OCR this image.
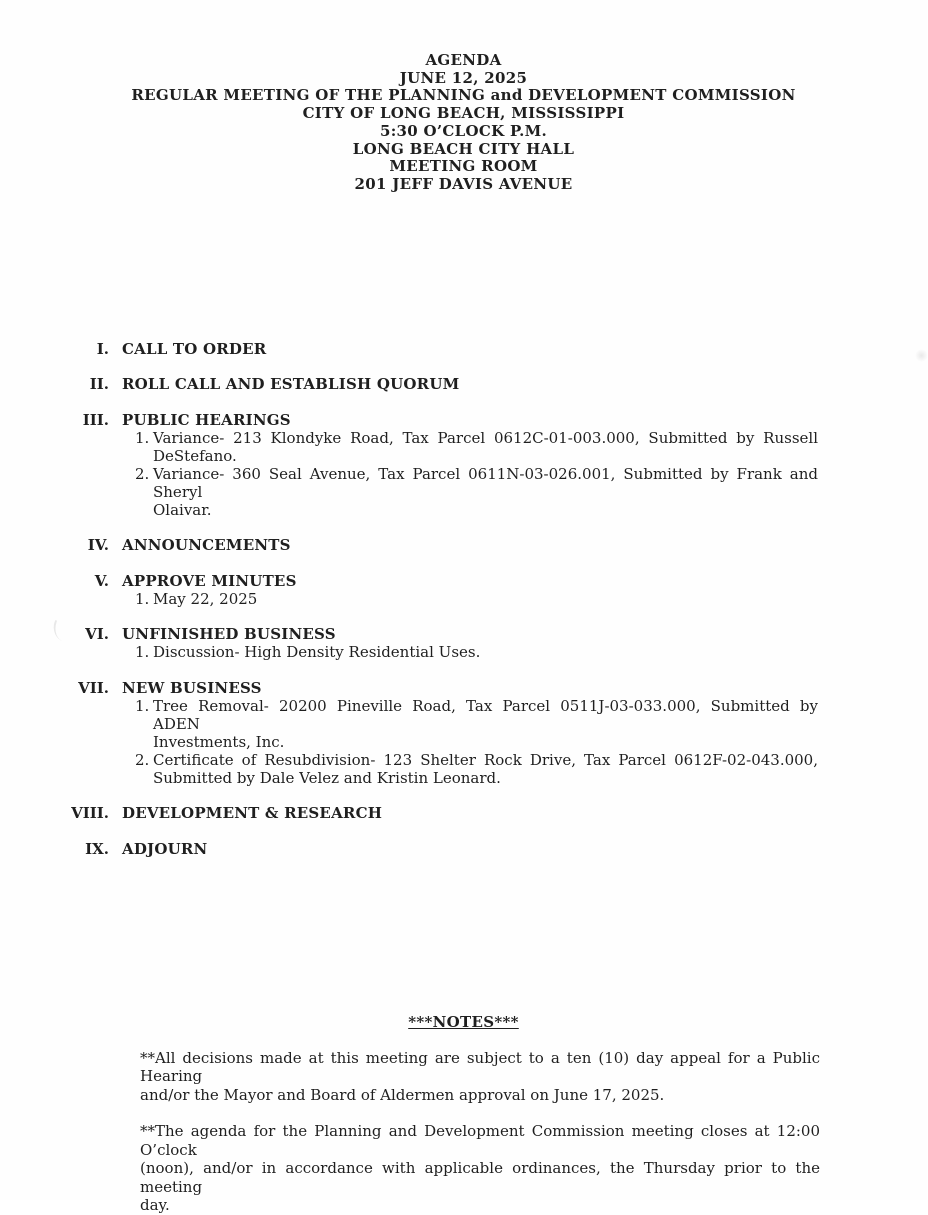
AGENDA
JUNE 12, 2025
REGULAR MEETING OF THE PLANNING and DEVELOPMENT COMMISSION
CITY OF LONG BEACH, MISSISSIPPI
5:30 O’CLOCK P.M.
LONG BEACH CITY HALL
MEETING ROOM
201 JEFF DAVIS AVENUE
I. CALL TO ORDER
II. ROLL CALL AND ESTABLISH QUORUM
III. PUBLIC HEARINGS
1. Variance- 213 Klondyke Road, Tax Parcel 0612C-01-003.000, Submitted by Russell
DeStefano.
2. Variance- 360 Seal Avenue, Tax Parcel 0611N-03-026.001, Submitted by Frank and Sheryl
Olaivar.
IV. ANNOUNCEMENTS
V. APPROVE MINUTES
1. May 22, 2025
VI. UNFINISHED BUSINESS
1. Discussion- High Density Residential Uses.
VII. NEW BUSINESS
1. Tree Removal- 20200 Pineville Road, Tax Parcel 0511J-03-033.000, Submitted by ADEN
Investments, Inc.
2. Certificate of Resubdivision- 123 Shelter Rock Drive, Tax Parcel 0612F-02-043.000,
Submitted by Dale Velez and Kristin Leonard.
VIII. DEVELOPMENT & RESEARCH
IX. ADJOURN
***NOTES***
**All decisions made at this meeting are subject to a ten (10) day appeal for a Public Hearing
and/or the Mayor and Board of Aldermen approval on June 17, 2025.
**The agenda for the Planning and Development Commission meeting closes at 12:00 O’clock
(noon), and/or in accordance with applicable ordinances, the Thursday prior to the meeting
day.
